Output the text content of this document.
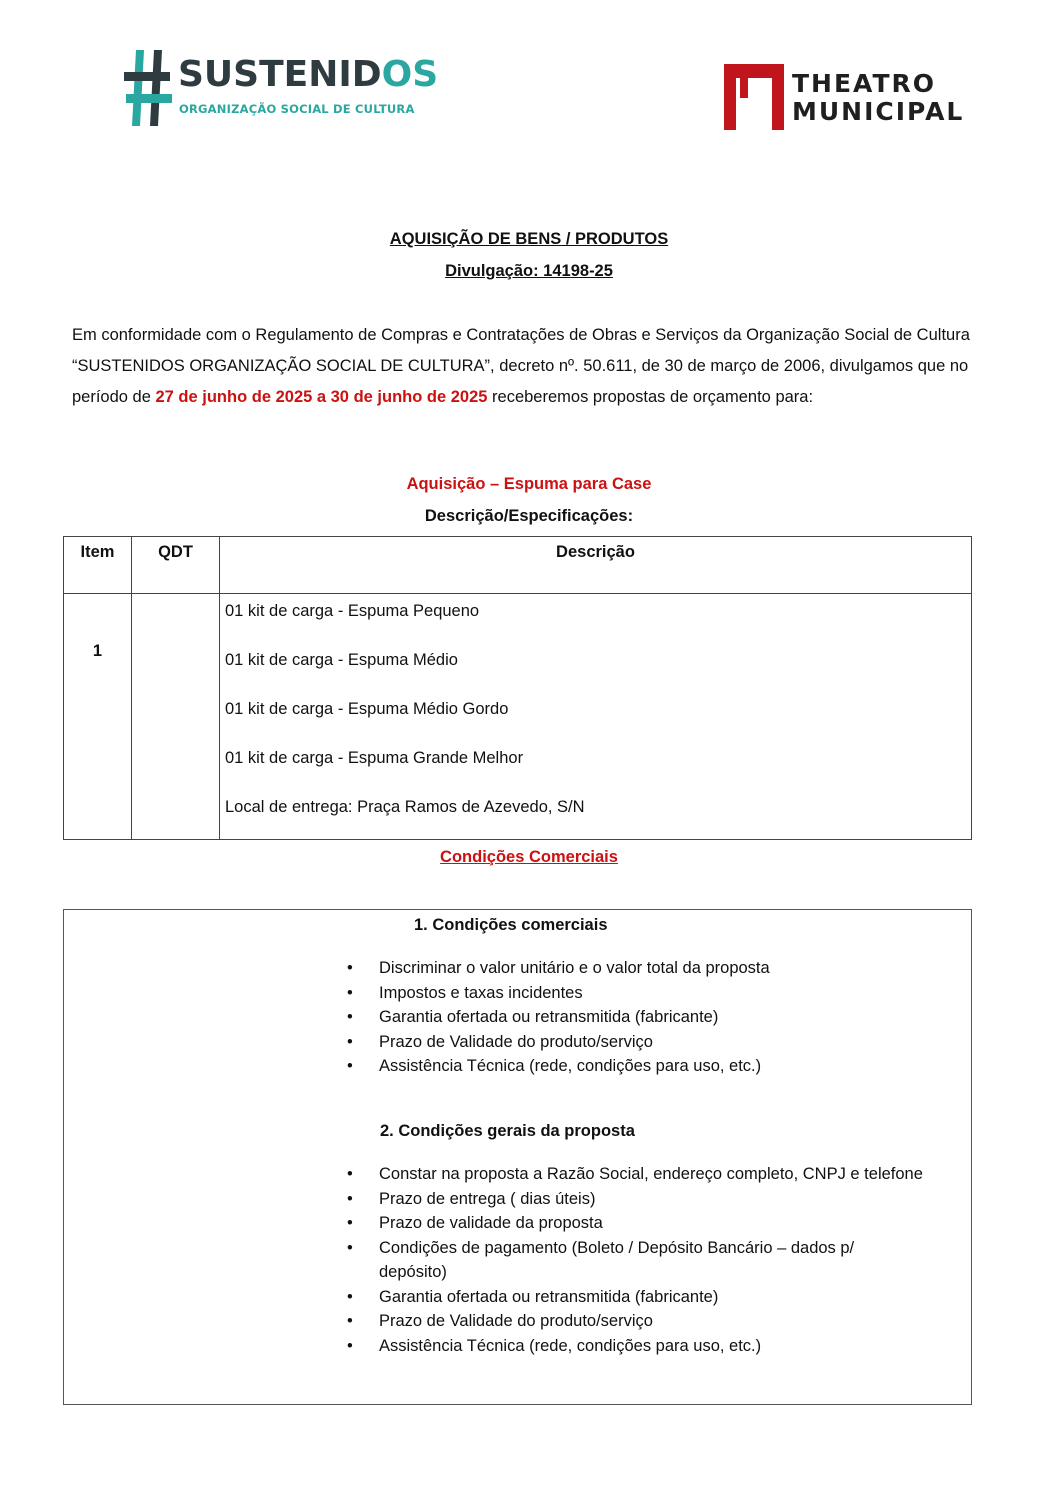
SUSTENIDOS
ORGANIZAÇÃO SOCIAL DE CULTURA
THEATRO
MUNICIPAL
AQUISIÇÃO DE BENS / PRODUTOS
Divulgação: 14198-25
Em conformidade com o Regulamento de Compras e Contratações de Obras e Serviços da Organização Social de Cultura “SUSTENIDOS ORGANIZAÇÃO SOCIAL DE CULTURA”, decreto nº. 50.611, de 30 de março de 2006, divulgamos que no período de 27 de junho de 2025 a 30 de junho de 2025 receberemos propostas de orçamento para:
Aquisição – Espuma para Case
Descrição/Especificações:
Item	QDT	Descrição
1		01 kit de carga - Espuma Pequeno
01 kit de carga - Espuma Médio
01 kit de carga - Espuma Médio Gordo
01 kit de carga - Espuma Grande Melhor
Local de entrega: Praça Ramos de Azevedo, S/N
Condições Comerciais
1. Condições comerciais
• Discriminar o valor unitário e o valor total da proposta
• Impostos e taxas incidentes
• Garantia ofertada ou retransmitida (fabricante)
• Prazo de Validade do produto/serviço
• Assistência Técnica (rede, condições para uso, etc.)
2. Condições gerais da proposta
• Constar na proposta a Razão Social, endereço completo, CNPJ e telefone
• Prazo de entrega ( dias úteis)
• Prazo de validade da proposta
• Condições de pagamento (Boleto / Depósito Bancário – dados p/ depósito)
• Garantia ofertada ou retransmitida (fabricante)
• Prazo de Validade do produto/serviço
• Assistência Técnica (rede, condições para uso, etc.)
